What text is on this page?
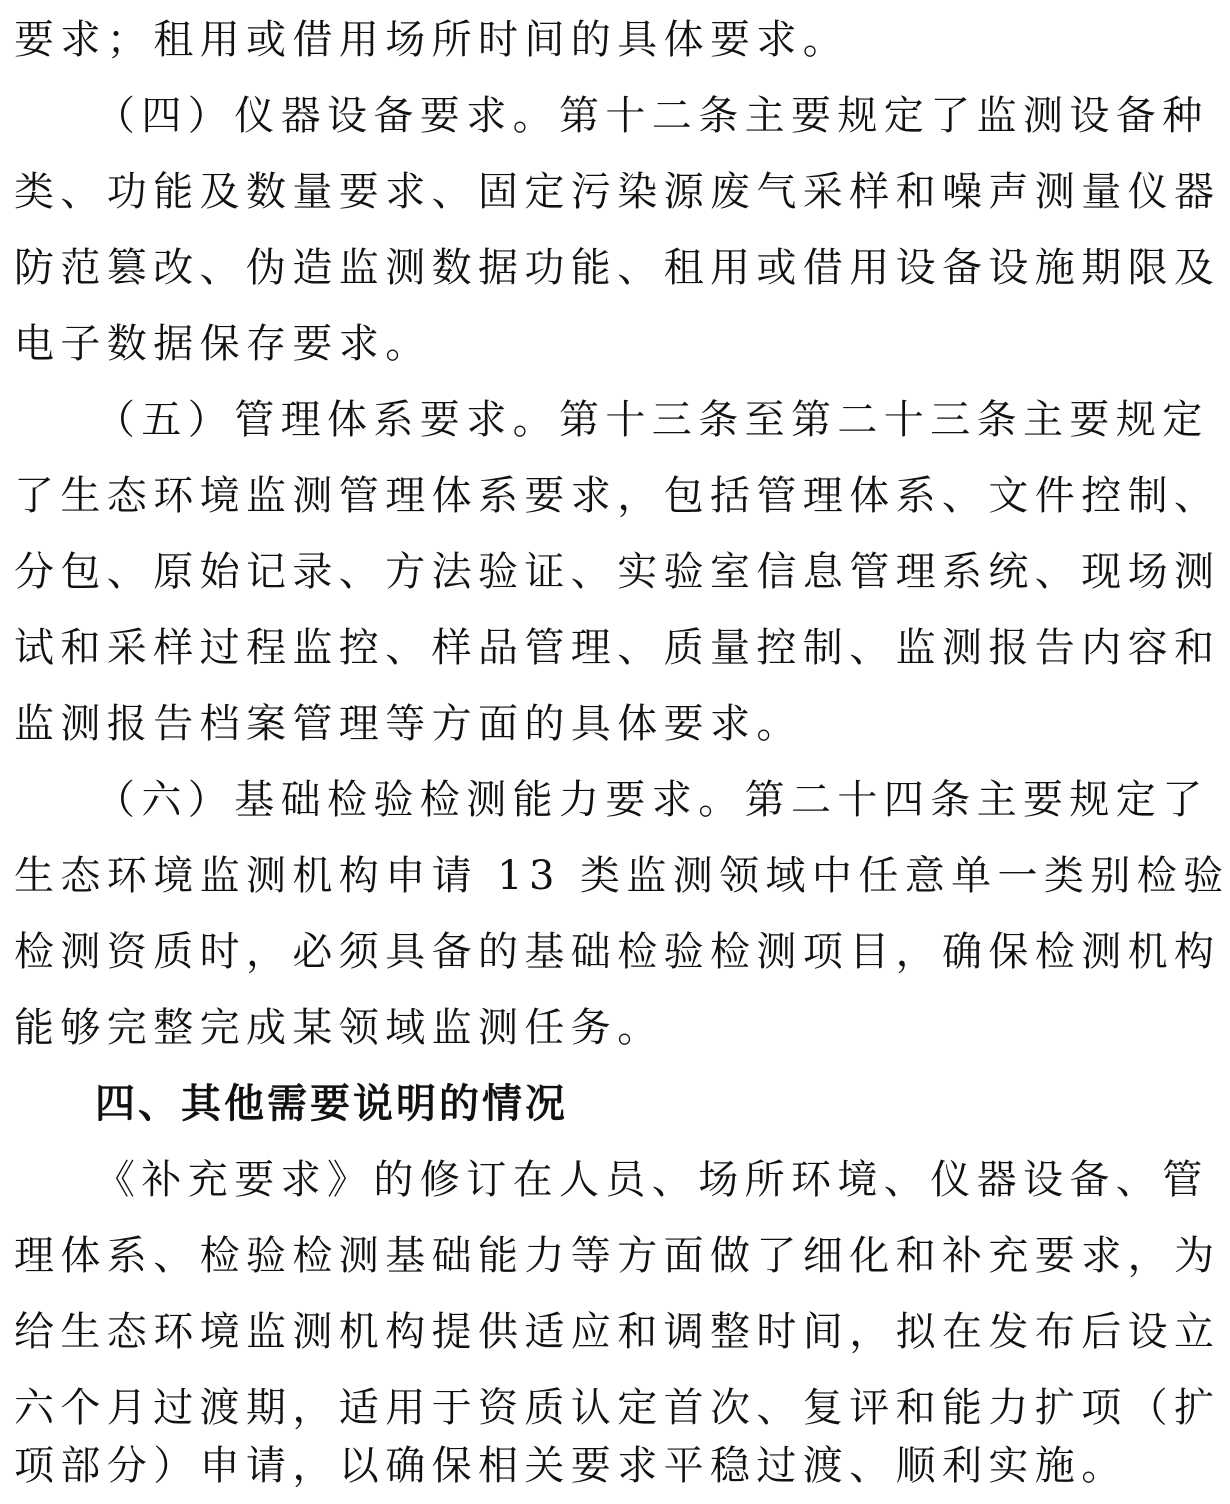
要求；租用或借用场所时间的具体要求。
（四）仪器设备要求。第十二条主要规定了监测设备种
类、功能及数量要求、固定污染源废气采样和噪声测量仪器
防范篡改、伪造监测数据功能、租用或借用设备设施期限及
电子数据保存要求。
（五）管理体系要求。第十三条至第二十三条主要规定
了生态环境监测管理体系要求，包括管理体系、文件控制、
分包、原始记录、方法验证、实验室信息管理系统、现场测
试和采样过程监控、样品管理、质量控制、监测报告内容和
监测报告档案管理等方面的具体要求。
（六）基础检验检测能力要求。第二十四条主要规定了
生态环境监测机构申请 13 类监测领域中任意单一类别检验
检测资质时，必须具备的基础检验检测项目，确保检测机构
能够完整完成某领域监测任务。
四、其他需要说明的情况
《补充要求》的修订在人员、场所环境、仪器设备、管
理体系、检验检测基础能力等方面做了细化和补充要求，为
给生态环境监测机构提供适应和调整时间，拟在发布后设立
六个月过渡期，适用于资质认定首次、复评和能力扩项（扩
项部分）申请，以确保相关要求平稳过渡、顺利实施。
